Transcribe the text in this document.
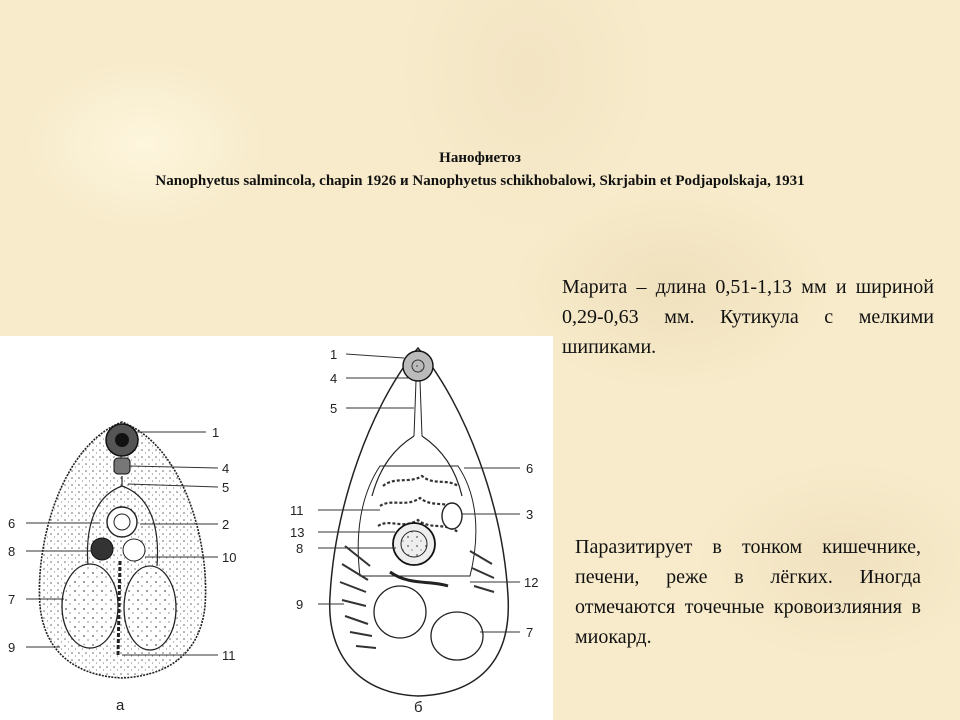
Нанофиетоз
Nanophyetus salmincola, chapin 1926 и Nanophyetus schikhobalowi, Skrjabin et Podjapolskaja, 1931
Марита – длина 0,51-1,13 мм и шириной 0,29-0,63 мм. Кутикула с мелкими шипиками.
Паразитирует в тонком кишечнике, печени, реже в лёгких. Иногда отмечаются точечные кровоизлияния в миокард.
1
4
5
6	2
8	10
7
9
11
а
1
4
5
6
3
11
13
8
12
9
7
б
